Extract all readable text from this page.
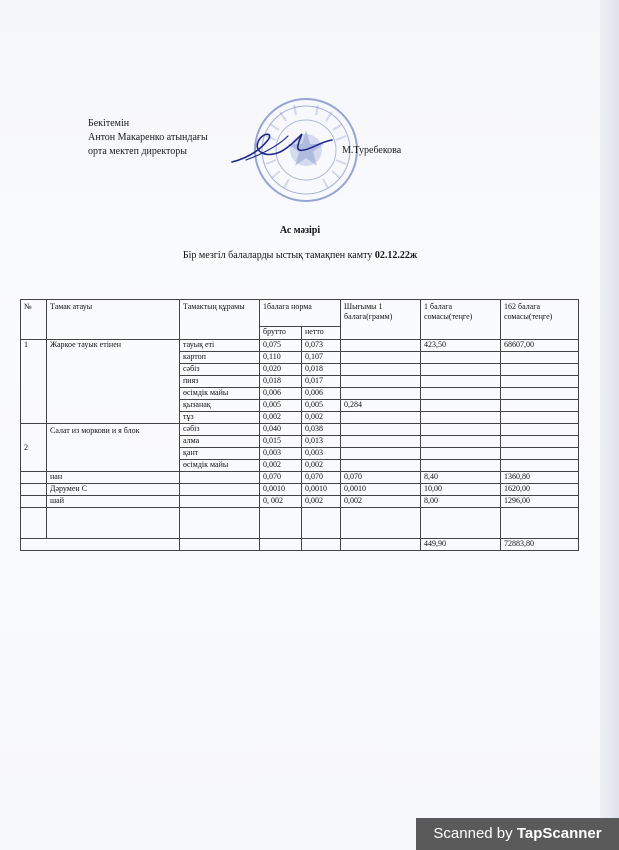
Бекітемін
Антон Макаренко атындағы
орта мектеп директоры	М.Туребекова
Ас мәзірі
Бір мезгіл балаларды ыстық тамақпен камту 02.12.22ж
№	Тамак атауы	Тамактың құрамы	1балага норма		Шығымы 1 балага(грамм)	1 балага сомасы(теңге)	162 балага сомасы(теңге)
			брутто	нетто			
1	Жаркое тауык етінен	тауық еті	0,075	0,073		423,50	68607,00
		картоп	0,110	0,107			
		сәбіз	0,020	0,018			
		пияз	0,018	0,017			
		өсімдік майы	0,006	0,006			
		қызанақ	0,005	0,005	0,284		
		тұз	0,002	0,002			
2	Салат из моркови и я блок	сәбіз	0,040	0,038			
		алма	0,015	0,013			
		қант	0,003	0,003			
		өсімдік майы	0,002	0,002			
	нан		0,070	0,070	0,070	8,40	1360,80
	Дәрумен С		0,0010	0,0010	0,0010	10,00	1620,00
	шай		0, 002	0,002	0,002	8,00	1296,00

						449,90	72883,80
Scanned by TapScanner
